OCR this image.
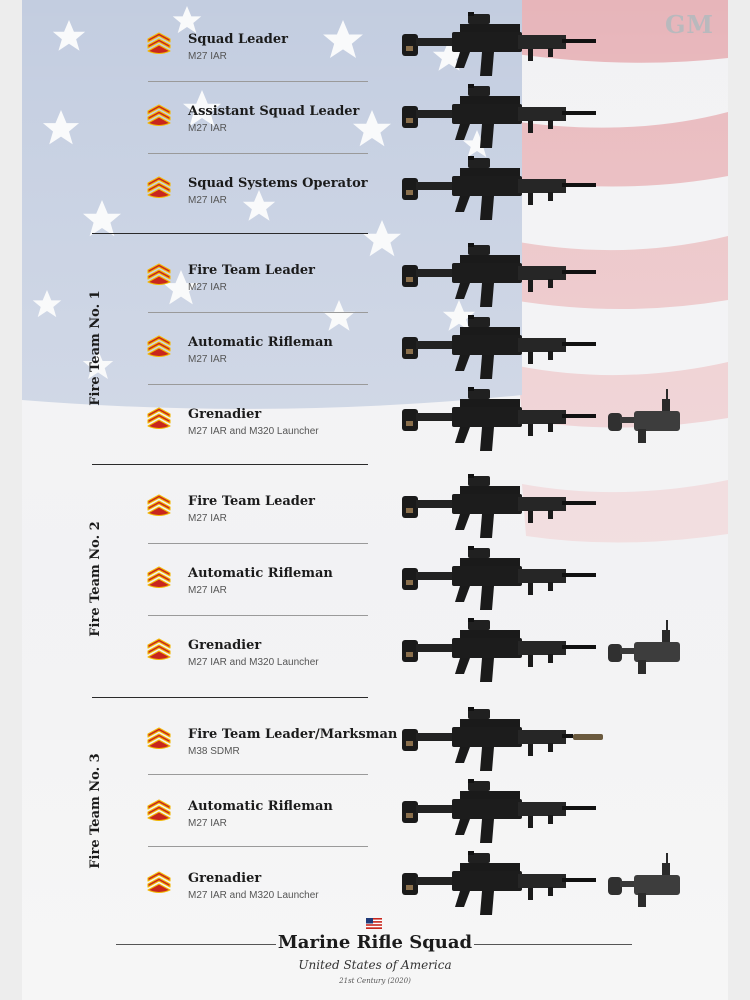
GM
Squad Leader
M27 IAR
Assistant Squad Leader
M27 IAR
Squad Systems Operator
M27 IAR
Fire Team Leader
M27 IAR
Automatic Rifleman
M27 IAR
Grenadier
M27 IAR and M320 Launcher
Fire Team Leader
M27 IAR
Automatic Rifleman
M27 IAR
Grenadier
M27 IAR and M320 Launcher
Fire Team Leader/Marksman
M38 SDMR
Automatic Rifleman
M27 IAR
Grenadier
M27 IAR and M320 Launcher
Fire Team No. 1
Fire Team No. 2
Fire Team No. 3
Marine Rifle Squad
United States of America
21st Century (2020)
